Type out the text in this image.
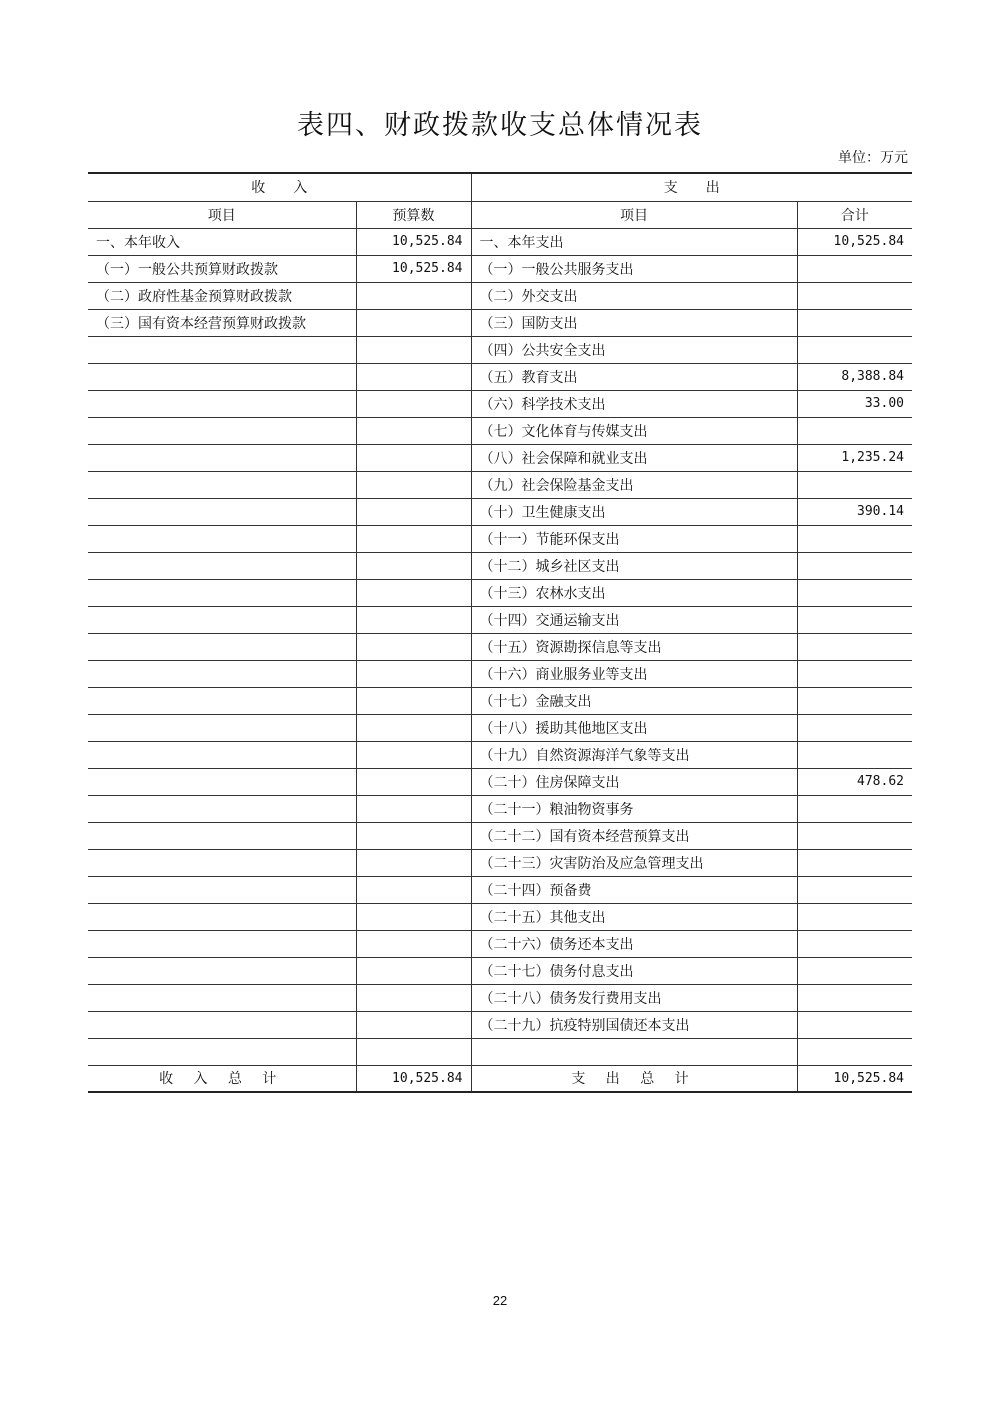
表四、财政拨款收支总体情况表
单位：万元
收　　入		支　　出	
项目	预算数	项目	合计
一、本年收入	10,525.84	一、本年支出	10,525.84
（一）一般公共预算财政拨款	10,525.84	（一）一般公共服务支出	
（二）政府性基金预算财政拨款		（二）外交支出	
（三）国有资本经营预算财政拨款		（三）国防支出	
		（四）公共安全支出	
		（五）教育支出	8,388.84
		（六）科学技术支出	33.00
		（七）文化体育与传媒支出	
		（八）社会保障和就业支出	1,235.24
		（九）社会保险基金支出	
		（十）卫生健康支出	390.14
		（十一）节能环保支出	
		（十二）城乡社区支出	
		（十三）农林水支出	
		（十四）交通运输支出	
		（十五）资源勘探信息等支出	
		（十六）商业服务业等支出	
		（十七）金融支出	
		（十八）援助其他地区支出	
		（十九）自然资源海洋气象等支出	
		（二十）住房保障支出	478.62
		（二十一）粮油物资事务	
		（二十二）国有资本经营预算支出	
		（二十三）灾害防治及应急管理支出	
		（二十四）预备费	
		（二十五）其他支出	
		（二十六）债务还本支出	
		（二十七）债务付息支出	
		（二十八）债务发行费用支出	
		（二十九）抗疫特别国债还本支出	

收 入 总 计	10,525.84	支 出 总 计	10,525.84
22
